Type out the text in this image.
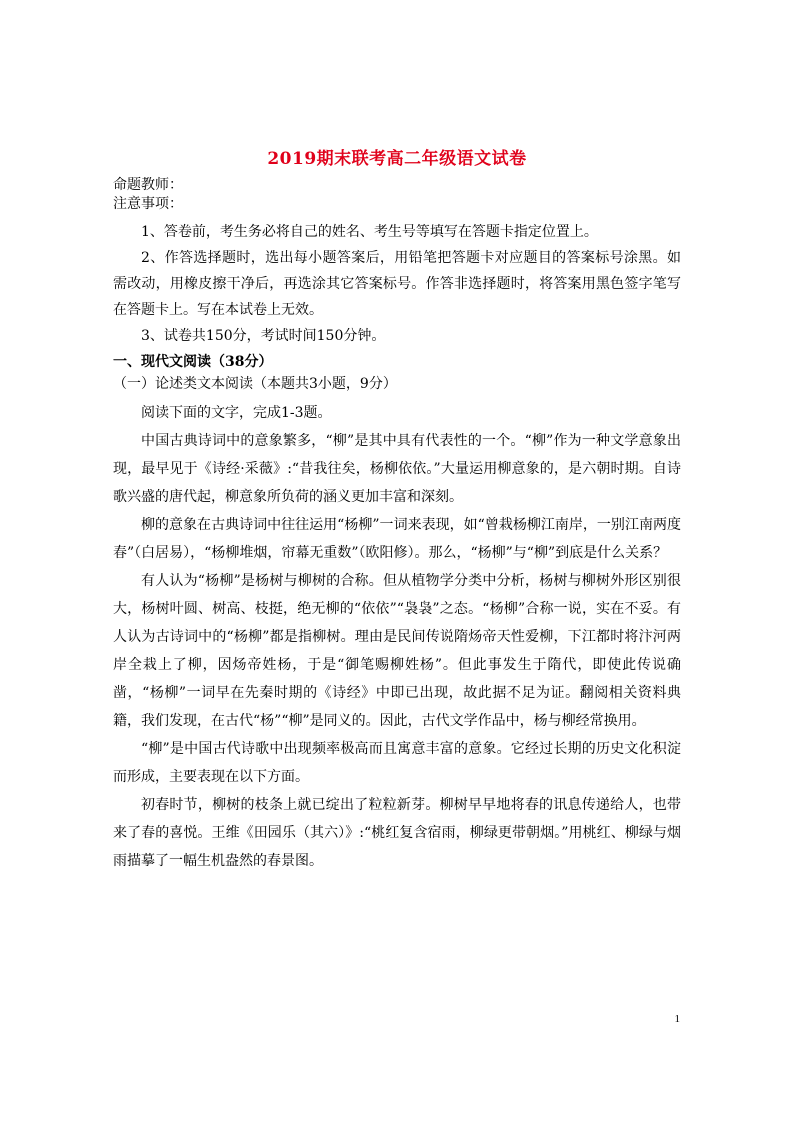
2019期末联考高二年级语文试卷
命题教师：
注意事项：

1、答卷前，考生务必将自己的姓名、考生号等填写在答题卡指定位置上。

2、作答选择题时，选出每小题答案后，用铅笔把答题卡对应题目的答案标号涂黑。如需改动，用橡皮擦干净后，再选涂其它答案标号。作答非选择题时，将答案用黑色签字笔写在答题卡上。写在本试卷上无效。

3、试卷共150分，考试时间150分钟。

一、现代文阅读（38分）
（一）论述类文本阅读（本题共3小题，9分）

阅读下面的文字，完成1-3题。

中国古典诗词中的意象繁多，“柳”是其中具有代表性的一个。“柳”作为一种文学意象出现，最早见于《诗经·采薇》:“昔我往矣，杨柳依依。”大量运用柳意象的，是六朝时期。自诗歌兴盛的唐代起，柳意象所负荷的涵义更加丰富和深刻。

柳的意象在古典诗词中往往运用“杨柳”一词来表现，如“曾栽杨柳江南岸，一别江南两度春”（白居易），“杨柳堆烟，帘幕无重数”（欧阳修）。那么，“杨柳”与“柳”到底是什么关系？

有人认为“杨柳”是杨树与柳树的合称。但从植物学分类中分析，杨树与柳树外形区别很大，杨树叶圆、树高、枝挺，绝无柳的“依依”“袅袅”之态。“杨柳”合称一说，实在不妥。有人认为古诗词中的“杨柳”都是指柳树。理由是民间传说隋炀帝天性爱柳，下江都时将汴河两岸全栽上了柳，因炀帝姓杨，于是“御笔赐柳姓杨”。但此事发生于隋代，即使此传说确凿，“杨柳”一词早在先秦时期的《诗经》中即已出现，故此据不足为证。翻阅相关资料典籍，我们发现，在古代“杨”“柳”是同义的。因此，古代文学作品中，杨与柳经常换用。

“柳”是中国古代诗歌中出现频率极高而且寓意丰富的意象。它经过长期的历史文化积淀而形成，主要表现在以下方面。

初春时节，柳树的枝条上就已绽出了粒粒新芽。柳树早早地将春的讯息传递给人，也带来了春的喜悦。王维《田园乐（其六）》:“桃红复含宿雨，柳绿更带朝烟。”用桃红、柳绿与烟雨描摹了一幅生机盎然的春景图。

1
